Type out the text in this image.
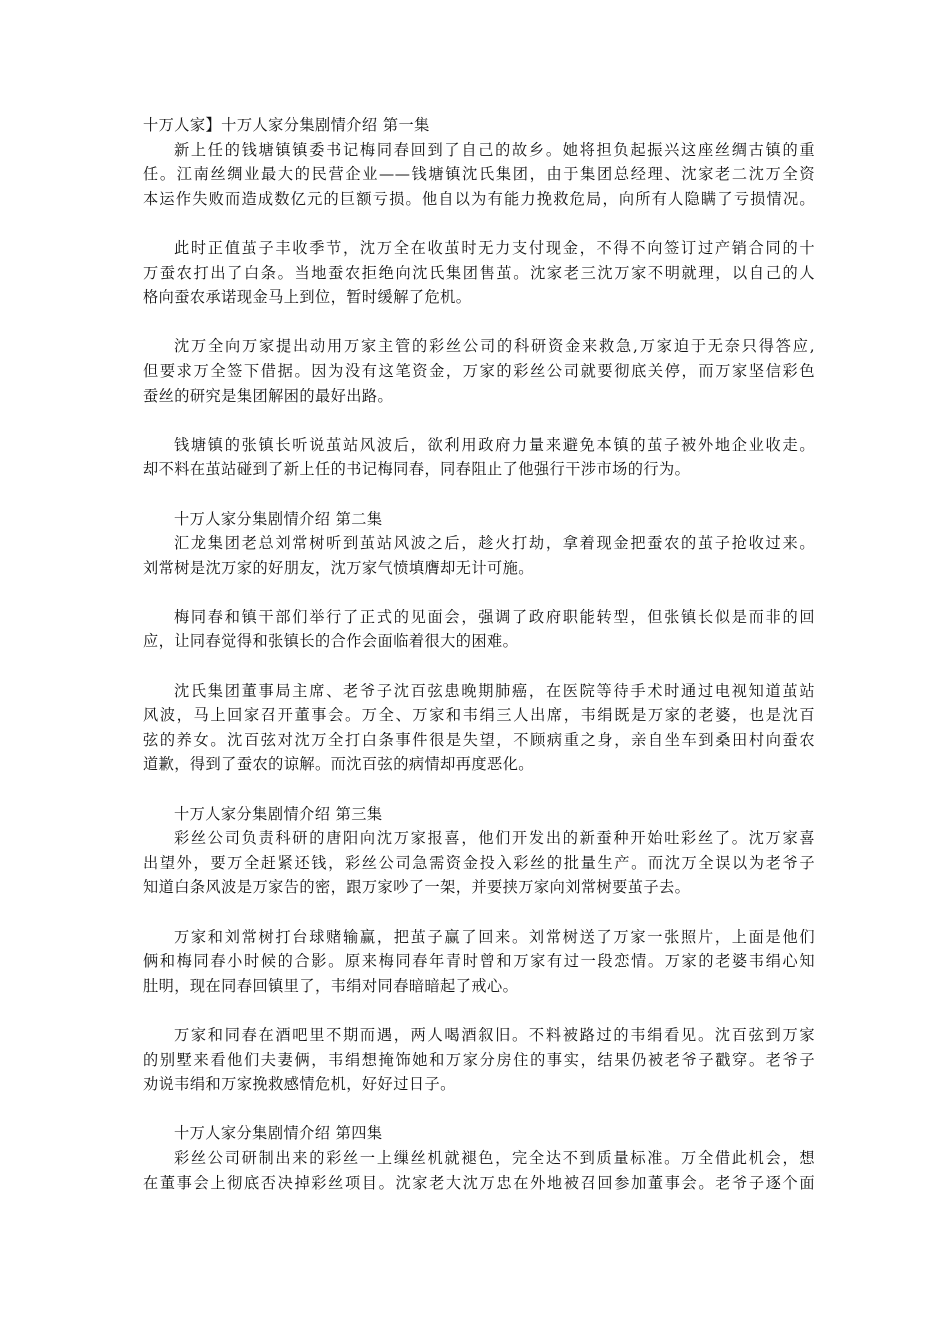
十万人家】十万人家分集剧情介绍 第一集
新上任的钱塘镇镇委书记梅同春回到了自己的故乡。她将担负起振兴这座丝绸古镇的重
任。江南丝绸业最大的民营企业——钱塘镇沈氏集团，由于集团总经理、沈家老二沈万全资
本运作失败而造成数亿元的巨额亏损。他自以为有能力挽救危局，向所有人隐瞒了亏损情况。
此时正值茧子丰收季节，沈万全在收茧时无力支付现金，不得不向签订过产销合同的十
万蚕农打出了白条。当地蚕农拒绝向沈氏集团售茧。沈家老三沈万家不明就理，以自己的人
格向蚕农承诺现金马上到位，暂时缓解了危机。
沈万全向万家提出动用万家主管的彩丝公司的科研资金来救急,万家迫于无奈只得答应,
但要求万全签下借据。因为没有这笔资金，万家的彩丝公司就要彻底关停，而万家坚信彩色
蚕丝的研究是集团解困的最好出路。
钱塘镇的张镇长听说茧站风波后，欲利用政府力量来避免本镇的茧子被外地企业收走。
却不料在茧站碰到了新上任的书记梅同春，同春阻止了他强行干涉市场的行为。
十万人家分集剧情介绍 第二集
汇龙集团老总刘常树听到茧站风波之后，趁火打劫，拿着现金把蚕农的茧子抢收过来。
刘常树是沈万家的好朋友，沈万家气愤填膺却无计可施。
梅同春和镇干部们举行了正式的见面会，强调了政府职能转型，但张镇长似是而非的回
应，让同春觉得和张镇长的合作会面临着很大的困难。
沈氏集团董事局主席、老爷子沈百弦患晚期肺癌，在医院等待手术时通过电视知道茧站
风波，马上回家召开董事会。万全、万家和韦绢三人出席，韦绢既是万家的老婆，也是沈百
弦的养女。沈百弦对沈万全打白条事件很是失望，不顾病重之身，亲自坐车到桑田村向蚕农
道歉，得到了蚕农的谅解。而沈百弦的病情却再度恶化。
十万人家分集剧情介绍 第三集
彩丝公司负责科研的唐阳向沈万家报喜，他们开发出的新蚕种开始吐彩丝了。沈万家喜
出望外，要万全赶紧还钱，彩丝公司急需资金投入彩丝的批量生产。而沈万全误以为老爷子
知道白条风波是万家告的密，跟万家吵了一架，并要挟万家向刘常树要茧子去。
万家和刘常树打台球赌输赢，把茧子赢了回来。刘常树送了万家一张照片，上面是他们
俩和梅同春小时候的合影。原来梅同春年青时曾和万家有过一段恋情。万家的老婆韦绢心知
肚明，现在同春回镇里了，韦绢对同春暗暗起了戒心。
万家和同春在酒吧里不期而遇，两人喝酒叙旧。不料被路过的韦绢看见。沈百弦到万家
的别墅来看他们夫妻俩，韦绢想掩饰她和万家分房住的事实，结果仍被老爷子戳穿。老爷子
劝说韦绢和万家挽救感情危机，好好过日子。
十万人家分集剧情介绍 第四集
彩丝公司研制出来的彩丝一上缫丝机就褪色，完全达不到质量标准。万全借此机会，想
在董事会上彻底否决掉彩丝项目。沈家老大沈万忠在外地被召回参加董事会。老爷子逐个面
